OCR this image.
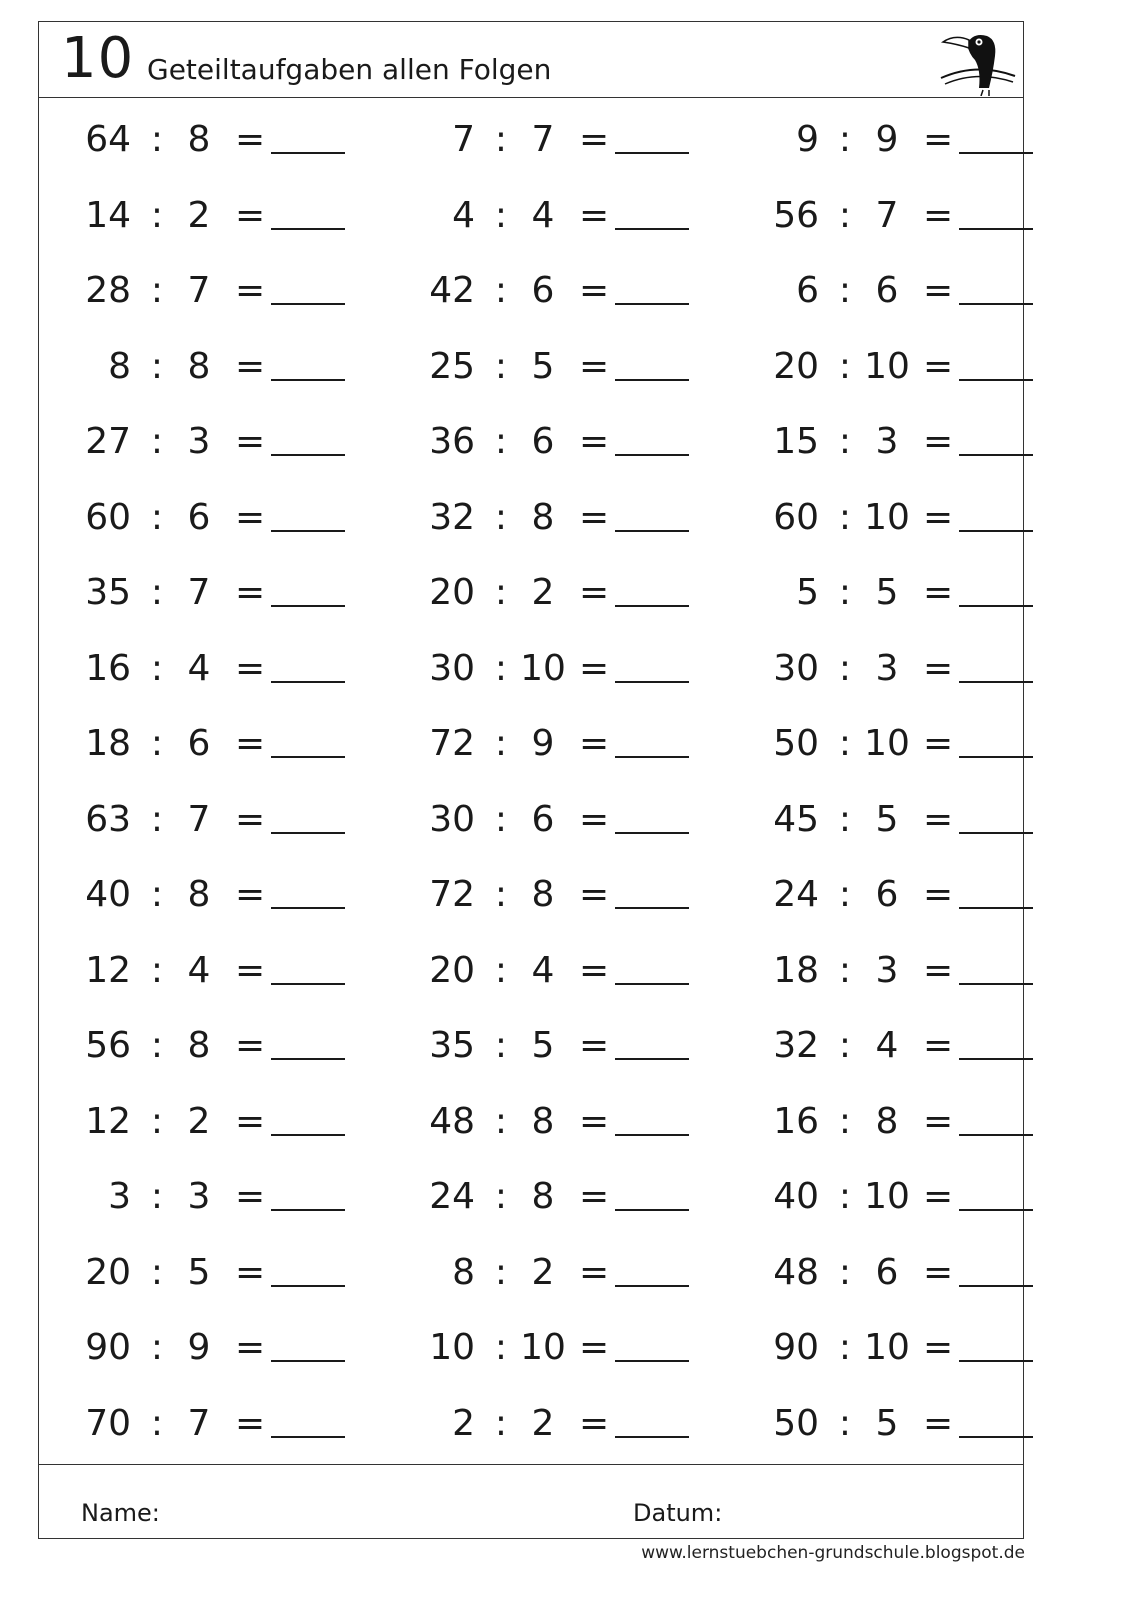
10 Geteiltaufgaben allen Folgen
64 : 8 =
14 : 2 =
28 : 7 =
8 : 8 =
27 : 3 =
60 : 6 =
35 : 7 =
16 : 4 =
18 : 6 =
63 : 7 =
40 : 8 =
12 : 4 =
56 : 8 =
12 : 2 =
3 : 3 =
20 : 5 =
90 : 9 =
70 : 7 =
7 : 7 =
4 : 4 =
42 : 6 =
25 : 5 =
36 : 6 =
32 : 8 =
20 : 2 =
30 : 10 =
72 : 9 =
30 : 6 =
72 : 8 =
20 : 4 =
35 : 5 =
48 : 8 =
24 : 8 =
8 : 2 =
10 : 10 =
2 : 2 =
9 : 9 =
56 : 7 =
6 : 6 =
20 : 10 =
15 : 3 =
60 : 10 =
5 : 5 =
30 : 3 =
50 : 10 =
45 : 5 =
24 : 6 =
18 : 3 =
32 : 4 =
16 : 8 =
40 : 10 =
48 : 6 =
90 : 10 =
50 : 5 =
Name:	Datum:
www.lernstuebchen-grundschule.blogspot.de
